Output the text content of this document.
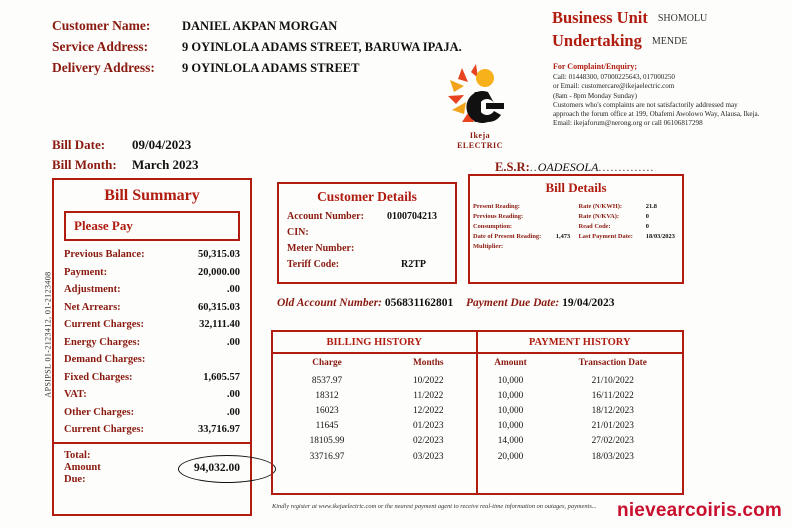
Customer Name:	DANIEL AKPAN MORGAN
Service Address:	9 OYINLOLA ADAMS STREET, BARUWA IPAJA.
Delivery Address:	9 OYINLOLA ADAMS STREET
Bill Date:	09/04/2023
Bill Month:	March 2023
Ikeja
ELECTRIC
Business Unit SHOMOLU
Undertaking MENDE
For Complaint/Enquiry;
Call: 01448300, 07000225643, 017000250
or Email: customercare@ikejaelectric.com
(8am - 8pm Monday Sunday)
Customers who's complaints are not satisfactorily addressed may
approach the forum office at 199, Obafemi Awolowo Way, Alausa, Ikeja.
Email: ikejaforum@nerong.org or call 06106817298
E.S.R:..OADESOLA..............
APSIPSL 01-2123412, 01-2123408
Bill Summary
Please Pay
Previous Balance:	50,315.03
Payment:	20,000.00
Adjustment:	.00
Net Arrears:	60,315.03
Current Charges:	32,111.40
Energy Charges:	.00
Demand Charges:
Fixed Charges:	1,605.57
VAT:	.00
Other Charges:	.00
Current Charges:	33,716.97
Total:
Amount
Due:
94,032.00
Customer Details
Account Number:	0100704213
CIN:
Meter Number:
Teriff Code:	R2TP
Bill Details
Present Reading:		Rate (N/KWH):	21.8
Previous Reading:		Rate (N/KVA):	0
Consumption:		Read Code:	0
Date of Present Reading:	1,473	Last Payment Date:	18/03/2023
Multiplier:			
Old Account Number: 056831162801 Payment Due Date: 19/04/2023
BILLING HISTORY
Charge	Months
8537.97	10/2022
18312	11/2022
16023	12/2022
11645	01/2023
18105.99	02/2023
33716.97	03/2023
PAYMENT HISTORY
Amount	Transaction Date
10,000	21/10/2022
10,000	16/11/2022
10,000	18/12/2023
10,000	21/01/2023
14,000	27/02/2023
20,000	18/03/2023
Kindly register at www.ikejaelectric.com or the nearest payment agent to receive real-time information on outages, payments...	nievearcoiris.com
